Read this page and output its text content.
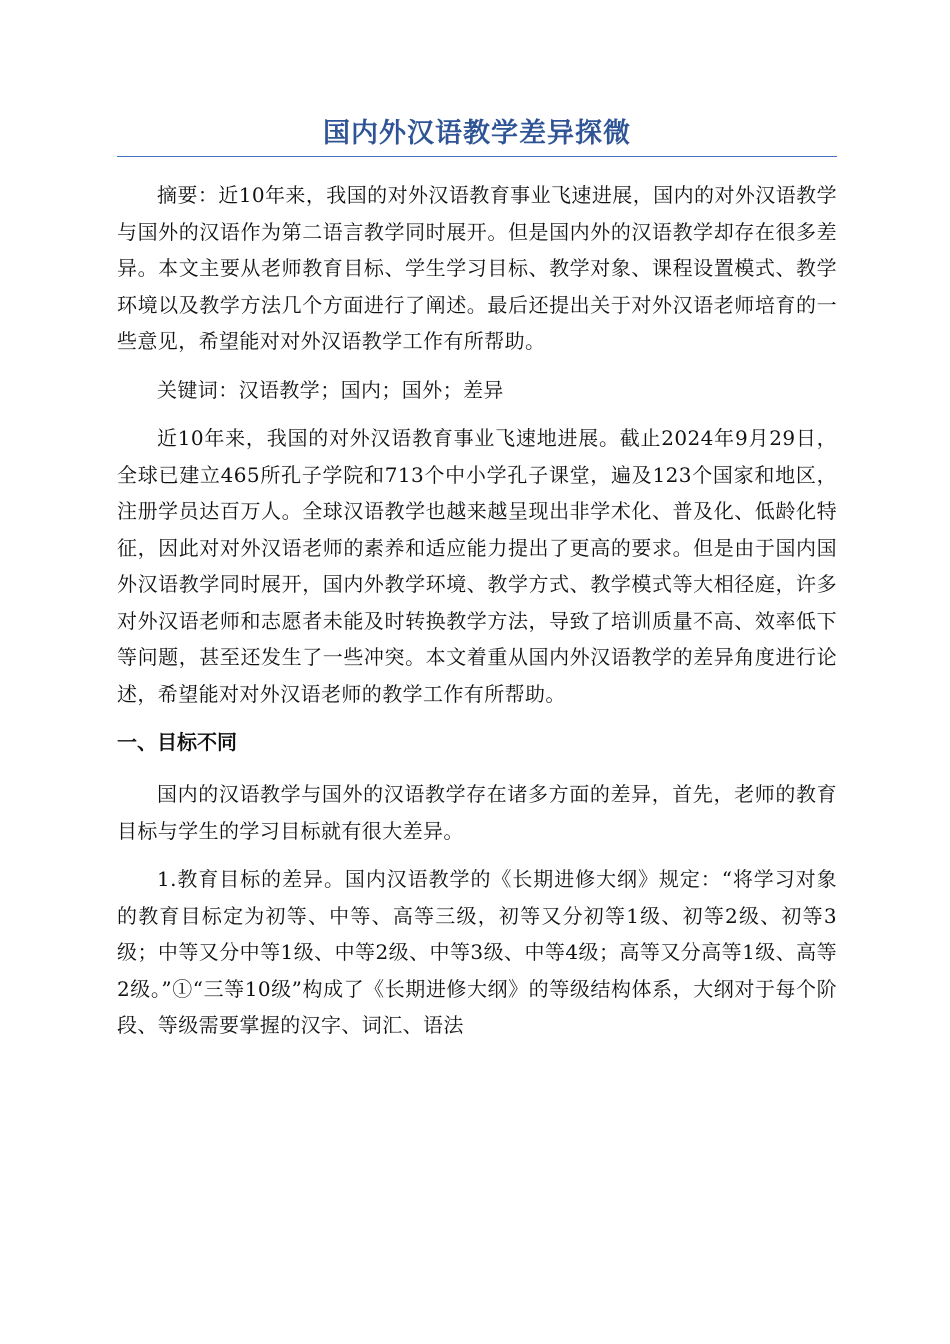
国内外汉语教学差异探微

摘要：近10年来，我国的对外汉语教育事业飞速进展，国内的对外汉语教学与国外的汉语作为第二语言教学同时展开。但是国内外的汉语教学却存在很多差异。本文主要从老师教育目标、学生学习目标、教学对象、课程设置模式、教学环境以及教学方法几个方面进行了阐述。最后还提出关于对外汉语老师培育的一些意见，希望能对对外汉语教学工作有所帮助。

关键词：汉语教学；国内；国外；差异

近10年来，我国的对外汉语教育事业飞速地进展。截止2024年9月29日，全球已建立465所孔子学院和713个中小学孔子课堂，遍及123个国家和地区，注册学员达百万人。全球汉语教学也越来越呈现出非学术化、普及化、低龄化特征，因此对对外汉语老师的素养和适应能力提出了更高的要求。但是由于国内国外汉语教学同时展开，国内外教学环境、教学方式、教学模式等大相径庭，许多对外汉语老师和志愿者未能及时转换教学方法，导致了培训质量不高、效率低下等问题，甚至还发生了一些冲突。本文着重从国内外汉语教学的差异角度进行论述，希望能对对外汉语老师的教学工作有所帮助。

一、目标不同

国内的汉语教学与国外的汉语教学存在诸多方面的差异，首先，老师的教育目标与学生的学习目标就有很大差异。

1.教育目标的差异。国内汉语教学的《长期进修大纲》规定：“将学习对象的教育目标定为初等、中等、高等三级，初等又分初等1级、初等2级、初等3级；中等又分中等1级、中等2级、中等3级、中等4级；高等又分高等1级、高等2级。”①“三等10级”构成了《长期进修大纲》的等级结构体系，大纲对于每个阶段、等级需要掌握的汉字、词汇、语法
